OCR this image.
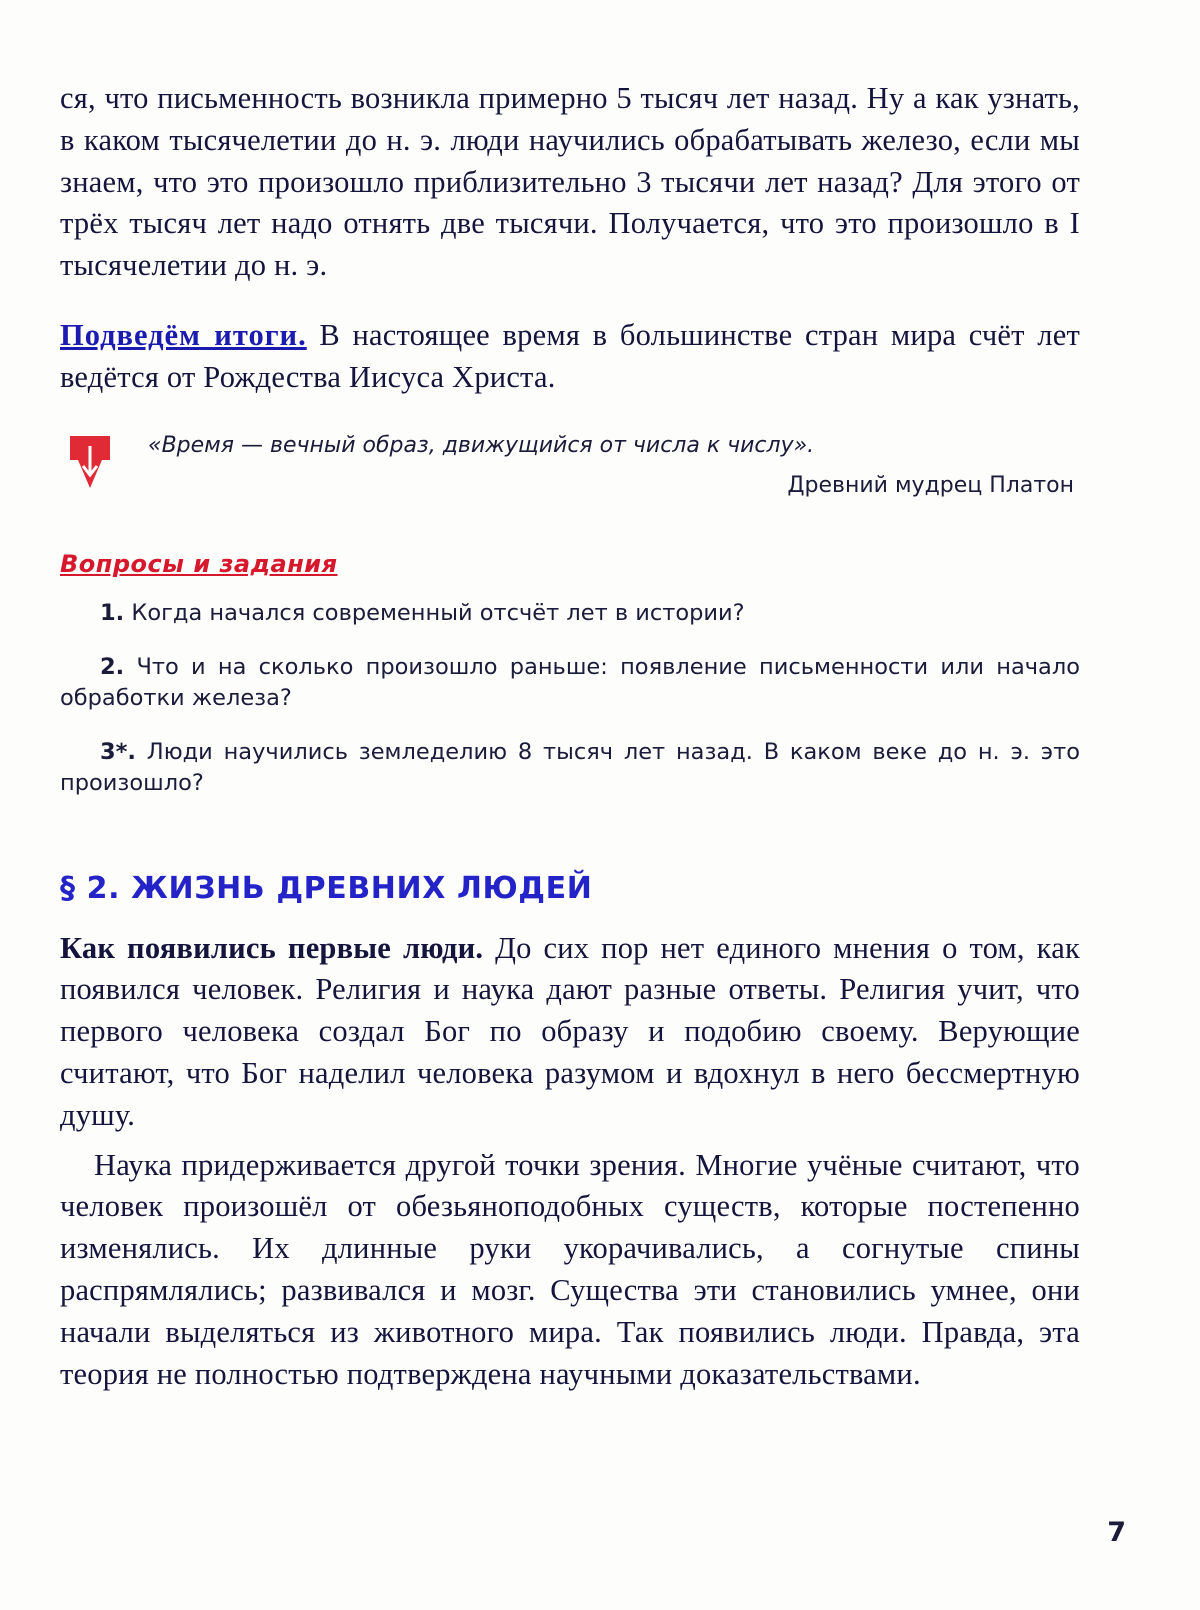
ся, что письменность возникла примерно 5 тысяч лет назад. Ну а как узнать, в каком тысячелетии до н. э. люди научились обрабатывать железо, если мы знаем, что это произошло приблизительно 3 тысячи лет назад? Для этого от трёх тысяч лет надо отнять две тысячи. Получается, что это произошло в I тысячелетии до н. э.

Подведём итоги. В настоящее время в большинстве стран мира счёт лет ведётся от Рождества Иисуса Христа.

«Время — вечный образ, движущийся от числа к числу».
Древний мудрец Платон
Вопросы и задания

1. Когда начался современный отсчёт лет в истории?

2. Что и на сколько произошло раньше: появление письменности или начало обработки железа?

3*. Люди научились земледелию 8 тысяч лет назад. В каком веке до н. э. это произошло?

§ 2. ЖИЗНЬ ДРЕВНИХ ЛЮДЕЙ

Как появились первые люди. До сих пор нет единого мнения о том, как появился человек. Религия и наука дают разные ответы. Религия учит, что первого человека создал Бог по образу и подобию своему. Верующие считают, что Бог наделил человека разумом и вдохнул в него бессмертную душу.

Наука придерживается другой точки зрения. Многие учёные считают, что человек произошёл от обезьяноподобных существ, которые постепенно изменялись. Их длинные руки укорачивались, а согнутые спины распрямлялись; развивался и мозг. Существа эти становились умнее, они начали выделяться из животного мира. Так появились люди. Правда, эта теория не полностью подтверждена научными доказательствами.

7
